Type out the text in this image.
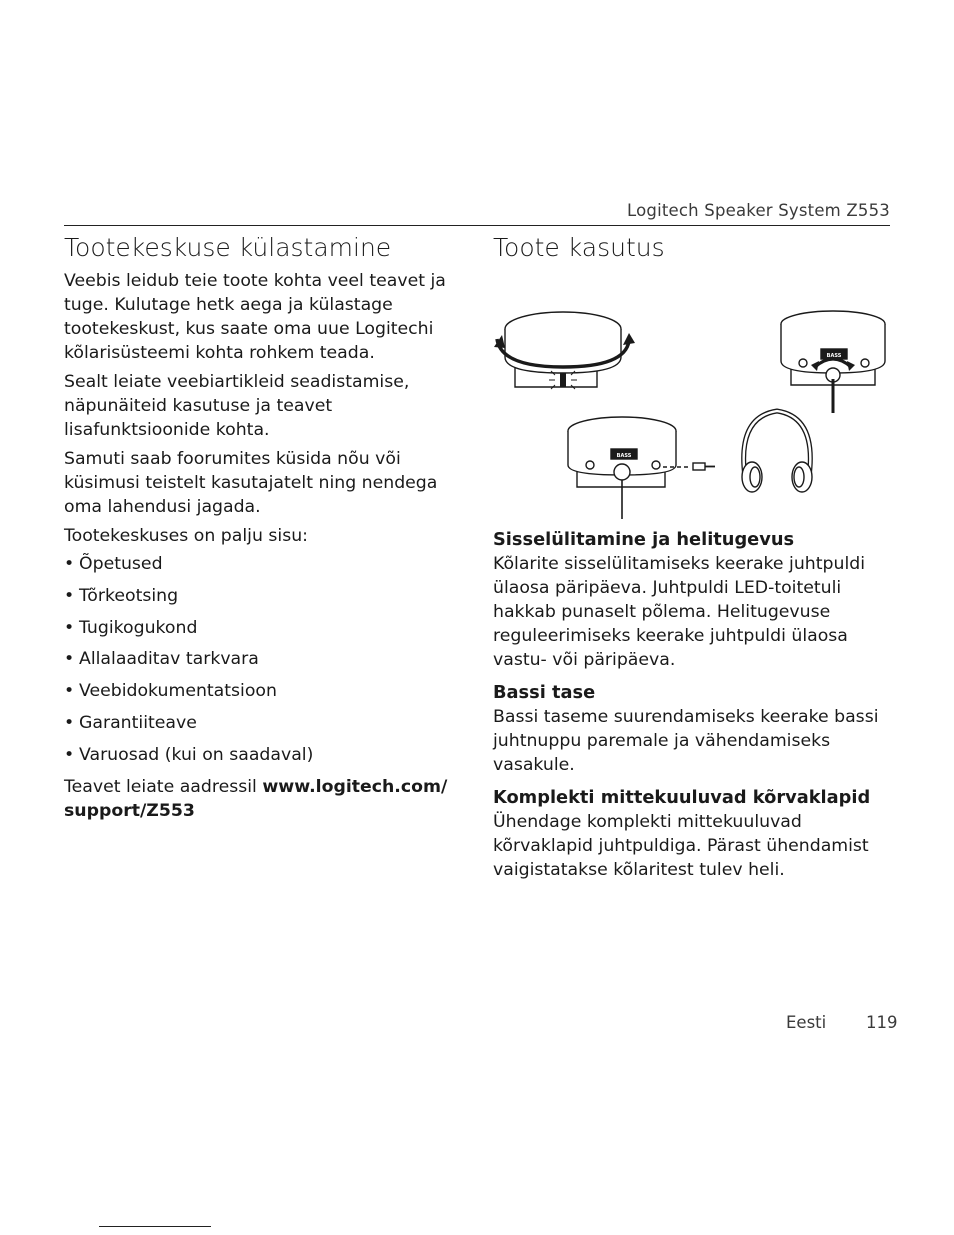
Logitech Speaker System Z553
Tootekeskuse külastamine

Veebis leidub teie toote kohta veel teavet ja tuge. Kulutage hetk aega ja külastage tootekeskust, kus saate oma uue Logitechi kõlarisüsteemi kohta rohkem teada.

Sealt leiate veebiartikleid seadistamise, näpunäiteid kasutuse ja teavet lisafunktsioonide kohta.

Samuti saab foorumites küsida nõu või küsimusi teistelt kasutajatelt ning nendega oma lahendusi jagada.

Tootekeskuses on palju sisu:

• Õpetused
• Tõrkeotsing
• Tugikogukond
• Allalaaditav tarkvara
• Veebidokumentatsioon
• Garantiiteave
• Varuosad (kui on saadaval)

Teavet leiate aadressil www.logitech.com/
support/Z553

Toote kasutus
BASS
BASS
Sisselülitamine ja helitugevus

Kõlarite sisselülitamiseks keerake juhtpuldi ülaosa päripäeva. Juhtpuldi LED-toitetuli hakkab punaselt põlema. Helitugevuse reguleerimiseks keerake juhtpuldi ülaosa vastu- või päripäeva.

Bassi tase

Bassi taseme suurendamiseks keerake bassi juhtnuppu paremale ja vähendamiseks vasakule.

Komplekti mittekuuluvad kõrvaklapid

Ühendage komplekti mittekuuluvad kõrvaklapid juhtpuldiga. Pärast ühendamist vaigistatakse kõlaritest tulev heli.

Eesti 119
